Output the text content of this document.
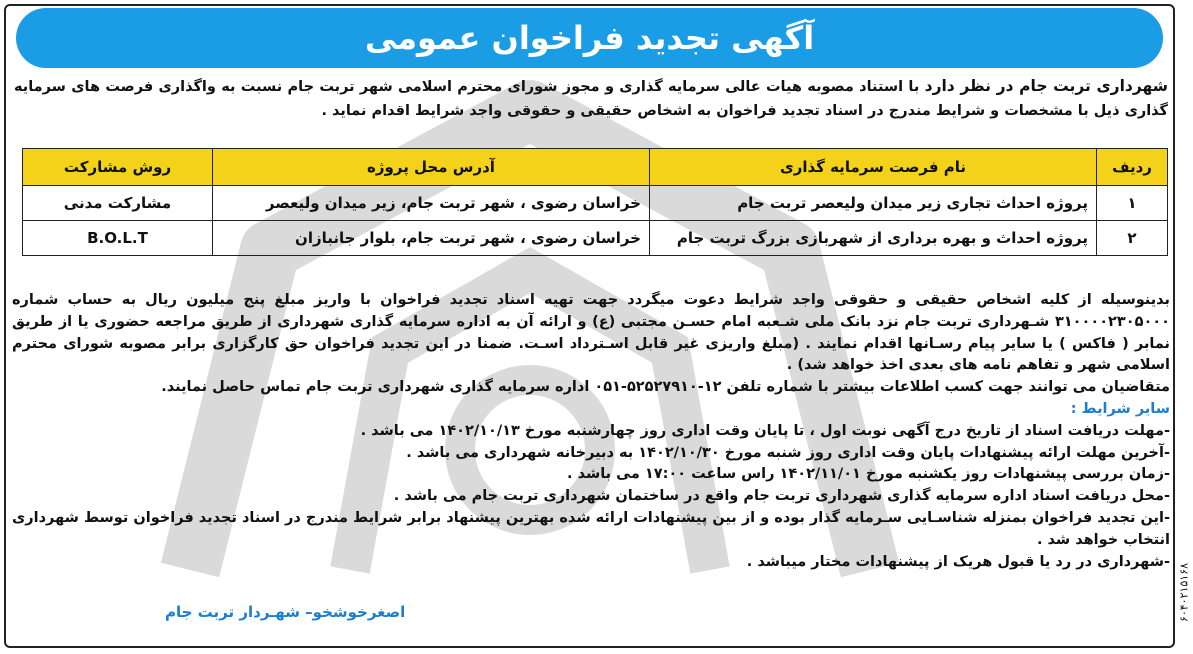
آگهی تجدید فراخوان عمومی
شهرداری تربت جام در نظر دارد با استناد مصوبه هیات عالی سرمایه گذاری و مجوز شورای محترم اسلامی شهر تربت جام نسبت به واگذاری فرصت های سرمایه گذاری ذیل با مشخصات و شرایط مندرج در اسناد تجدید فراخوان به اشخاص حقیقی و حقوقی واجد شرایط اقدام نماید .
ردیف	نام فرصت سرمایه گذاری	آدرس محل پروژه	روش مشارکت
۱	پروژه احداث تجاری زیر میدان ولیعصر تربت جام	خراسان رضوی ، شهر تربت جام، زیر میدان ولیعصر	مشارکت مدنی
۲	پروژه احداث و بهره برداری از شهربازی بزرگ تربت جام	خراسان رضوی ، شهر تربت جام، بلوار جانبازان	B.O.L.T

بدینوسیله از کلیه اشخاص حقیقی و حقوقی واجد شرایط دعوت میگردد جهت تهیه اسناد تجدید فراخوان با واریز مبلغ پنج میلیون ریال به حساب شماره ۳۱۰۰۰۰۲۳۰۵۰۰۰ شـهرداری تربت جام نزد بانک ملی شـعبه امام حسـن مجتبی (ع) و ارائه آن به اداره سرمایه گذاری شهرداری از طریق مراجعه حضوری یا از طریق نمابر ( فاکس ) یا سایر پیام رسـانها اقدام نمایند . (مبلغ واریزی غیر قابل اسـترداد اسـت. ضمنا در این تجدید فراخوان حق کارگزاری برابر مصوبه شورای محترم اسلامی شهر و تفاهم نامه های بعدی اخذ خواهد شد) .

متقاضیان می توانند جهت کسب اطلاعات بیشتر با شماره تلفن ۱۲-۵۲۵۲۷۹۱۰-۰۵۱ اداره سرمایه گذاری شهرداری تربت جام تماس حاصل نمایند.

سایر شرایط :

-مهلت دریافت اسناد از تاریخ درج آگهی نوبت اول ، تا پایان وقت اداری روز چهارشنبه مورخ ۱۴۰۲/۱۰/۱۳ می باشد .

-آخرین مهلت ارائه پیشنهادات پایان وقت اداری روز شنبه مورخ ۱۴۰۲/۱۰/۳۰ به دبیرخانه شهرداری می باشد .

-زمان بررسی پیشنهادات روز یکشنبه مورخ ۱۴۰۲/۱۱/۰۱ راس ساعت ۱۷:۰۰ می باشد .

-محل دریافت اسناد اداره سرمایه گذاری شهرداری تربت جام واقع در ساختمان شهرداری تربت جام می باشد .

-این تجدید فراخوان بمنزله شناسـایی سـرمایه گذار بوده و از بین پیشنهادات ارائه شده بهترین پیشنهاد برابر شرایط مندرج در اسناد تجدید فراخوان توسط شهرداری انتخاب خواهد شد .

-شهرداری در رد یا قبول هریک از پیشنهادات مختار میباشد .

اصغرخوشخو– شهـردار تربت جام	۶۰۴۰۲۱۵۱۶۸
